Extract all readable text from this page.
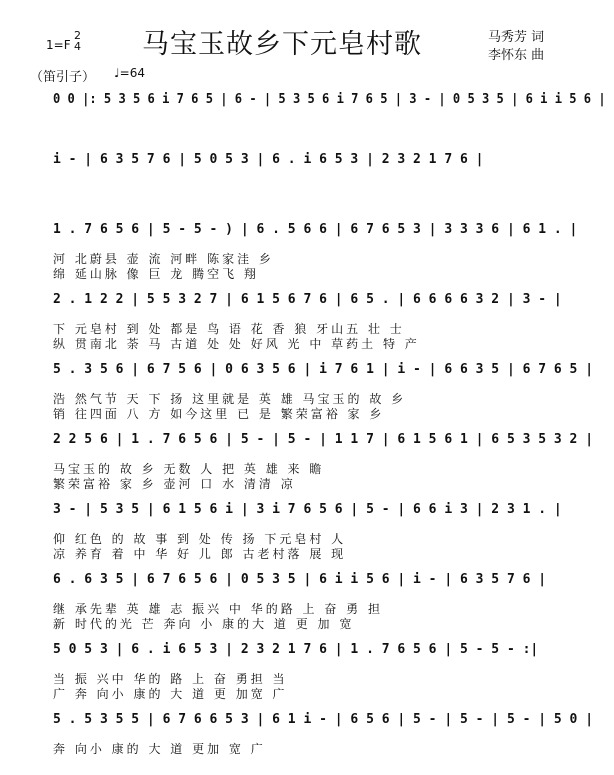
1=F
2
4 马宝玉故乡下元皂村歌	马秀芳 词
李怀东 曲
（笛引子） ♩=64
0 0 |: 5 3 5 6 i 7 6 5 | 6 - | 5 3 5 6 i 7 6 5 | 3 - | 0 5 3 5 | 6 i i 5 6 |
i - | 6 3 5 7 6 | 5 0 5 3 | 6 . i 6 5 3 | 2 3 2 1 7 6 |
1 . 7 6 5 6 | 5 - 5 - ) | 6 . 5 6 6 | 6 7 6 5 3 | 3 3 3 6 | 6 1 . |
河 北蔚县 壶 流 河畔 陈家洼 乡
绵 延山脉 像 巨 龙 腾空飞 翔
2 . 1 2 2 | 5 5 3 2 7 | 6 1 5 6 7 6 | 6 5 . | 6 6 6 6 3 2 | 3 - |
下 元皂村 到 处 都是 鸟 语 花 香 狼 牙山五 壮 士
纵 贯南北 荼 马 古道 处 处 好风 光 中 草药土 特 产
5 . 3 5 6 | 6 7 5 6 | 0 6 3 5 6 | i 7 6 1 | i - | 6 6 3 5 | 6 7 6 5 |
浩 然气节 天 下 扬 这里就是 英 雄 马宝玉的 故 乡
销 往四面 八 方 如今这里 已 是 繁荣富裕 家 乡
2 2 5 6 | 1 . 7 6 5 6 | 5 - | 5 - | 1 1 7 | 6 1 5 6 1 | 6 5 3 5 3 2 |
马宝玉的 故 乡 无数 人 把 英 雄 来 瞻
繁荣富裕 家 乡 壶河 口 水 清清 凉
3 - | 5 3 5 | 6 1 5 6 i | 3 i 7 6 5 6 | 5 - | 6 6 i 3 | 2 3 1 . |
仰 红色 的 故 事 到 处 传 扬 下元皂村 人
凉 养育 着 中 华 好 儿 郎 古老村落 展 现
6 . 6 3 5 | 6 7 6 5 6 | 0 5 3 5 | 6 i i 5 6 | i - | 6 3 5 7 6 |
继 承先辈 英 雄 志 振兴 中 华的路 上 奋 勇 担
新 时代的光 芒 奔向 小 康的大 道 更 加 宽
5 0 5 3 | 6 . i 6 5 3 | 2 3 2 1 7 6 | 1 . 7 6 5 6 | 5 - 5 - :|
当 振 兴中 华的 路 上 奋 勇担 当
广 奔 向小 康的 大 道 更 加宽 广
5 . 5 3 5 5 | 6 7 6 6 5 3 | 6 1 i - | 6 5 6 | 5 - | 5 - | 5 - | 5 0 |
奔 向小 康的 大 道 更加 宽 广
